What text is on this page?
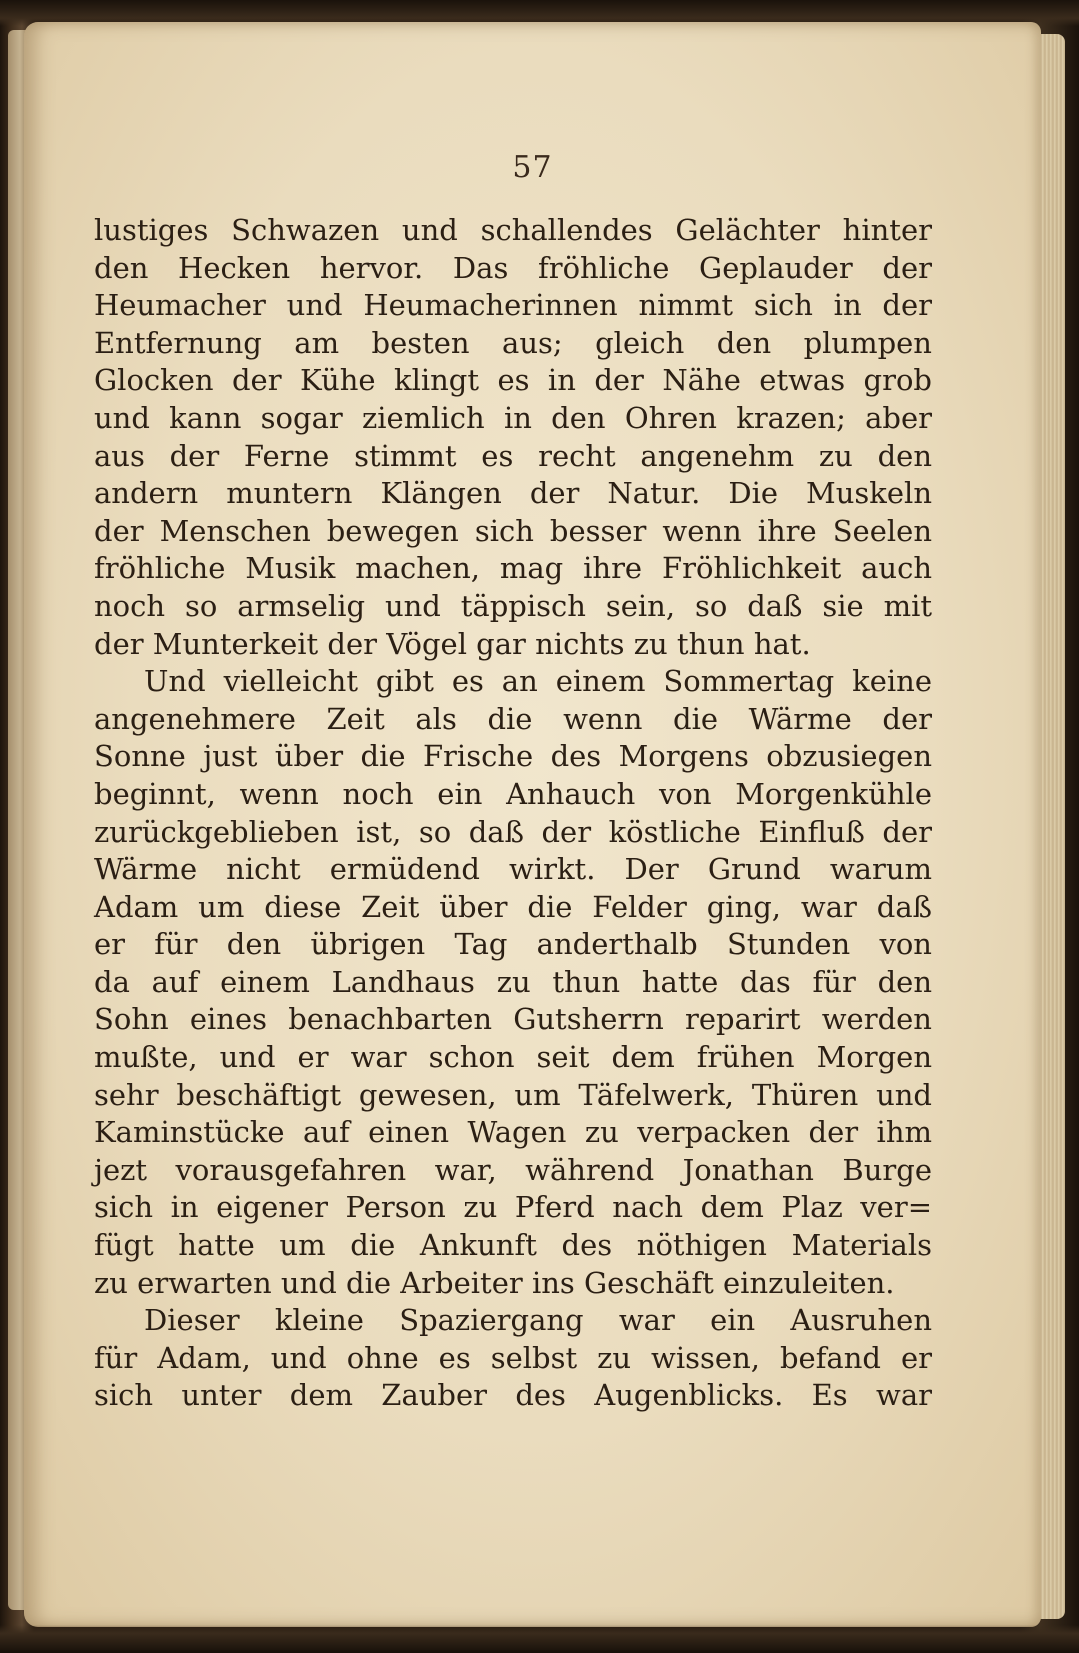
57
lustiges Schwazen und schallendes Gelächter hinter
den Hecken hervor. Das fröhliche Geplauder der
Heumacher und Heumacherinnen nimmt sich in der
Entfernung am besten aus; gleich den plumpen
Glocken der Kühe klingt es in der Nähe etwas grob
und kann sogar ziemlich in den Ohren krazen; aber
aus der Ferne stimmt es recht angenehm zu den
andern muntern Klängen der Natur. Die Muskeln
der Menschen bewegen sich besser wenn ihre Seelen
fröhliche Musik machen, mag ihre Fröhlichkeit auch
noch so armselig und täppisch sein, so daß sie mit
der Munterkeit der Vögel gar nichts zu thun hat.
Und vielleicht gibt es an einem Sommertag keine
angenehmere Zeit als die wenn die Wärme der
Sonne just über die Frische des Morgens obzusiegen
beginnt, wenn noch ein Anhauch von Morgenkühle
zurückgeblieben ist, so daß der köstliche Einfluß der
Wärme nicht ermüdend wirkt. Der Grund warum
Adam um diese Zeit über die Felder ging, war daß
er für den übrigen Tag anderthalb Stunden von
da auf einem Landhaus zu thun hatte das für den
Sohn eines benachbarten Gutsherrn reparirt werden
mußte, und er war schon seit dem frühen Morgen
sehr beschäftigt gewesen, um Täfelwerk, Thüren und
Kaminstücke auf einen Wagen zu verpacken der ihm
jezt vorausgefahren war, während Jonathan Burge
sich in eigener Person zu Pferd nach dem Plaz ver=
fügt hatte um die Ankunft des nöthigen Materials
zu erwarten und die Arbeiter ins Geschäft einzuleiten.
Dieser kleine Spaziergang war ein Ausruhen
für Adam, und ohne es selbst zu wissen, befand er
sich unter dem Zauber des Augenblicks. Es war
